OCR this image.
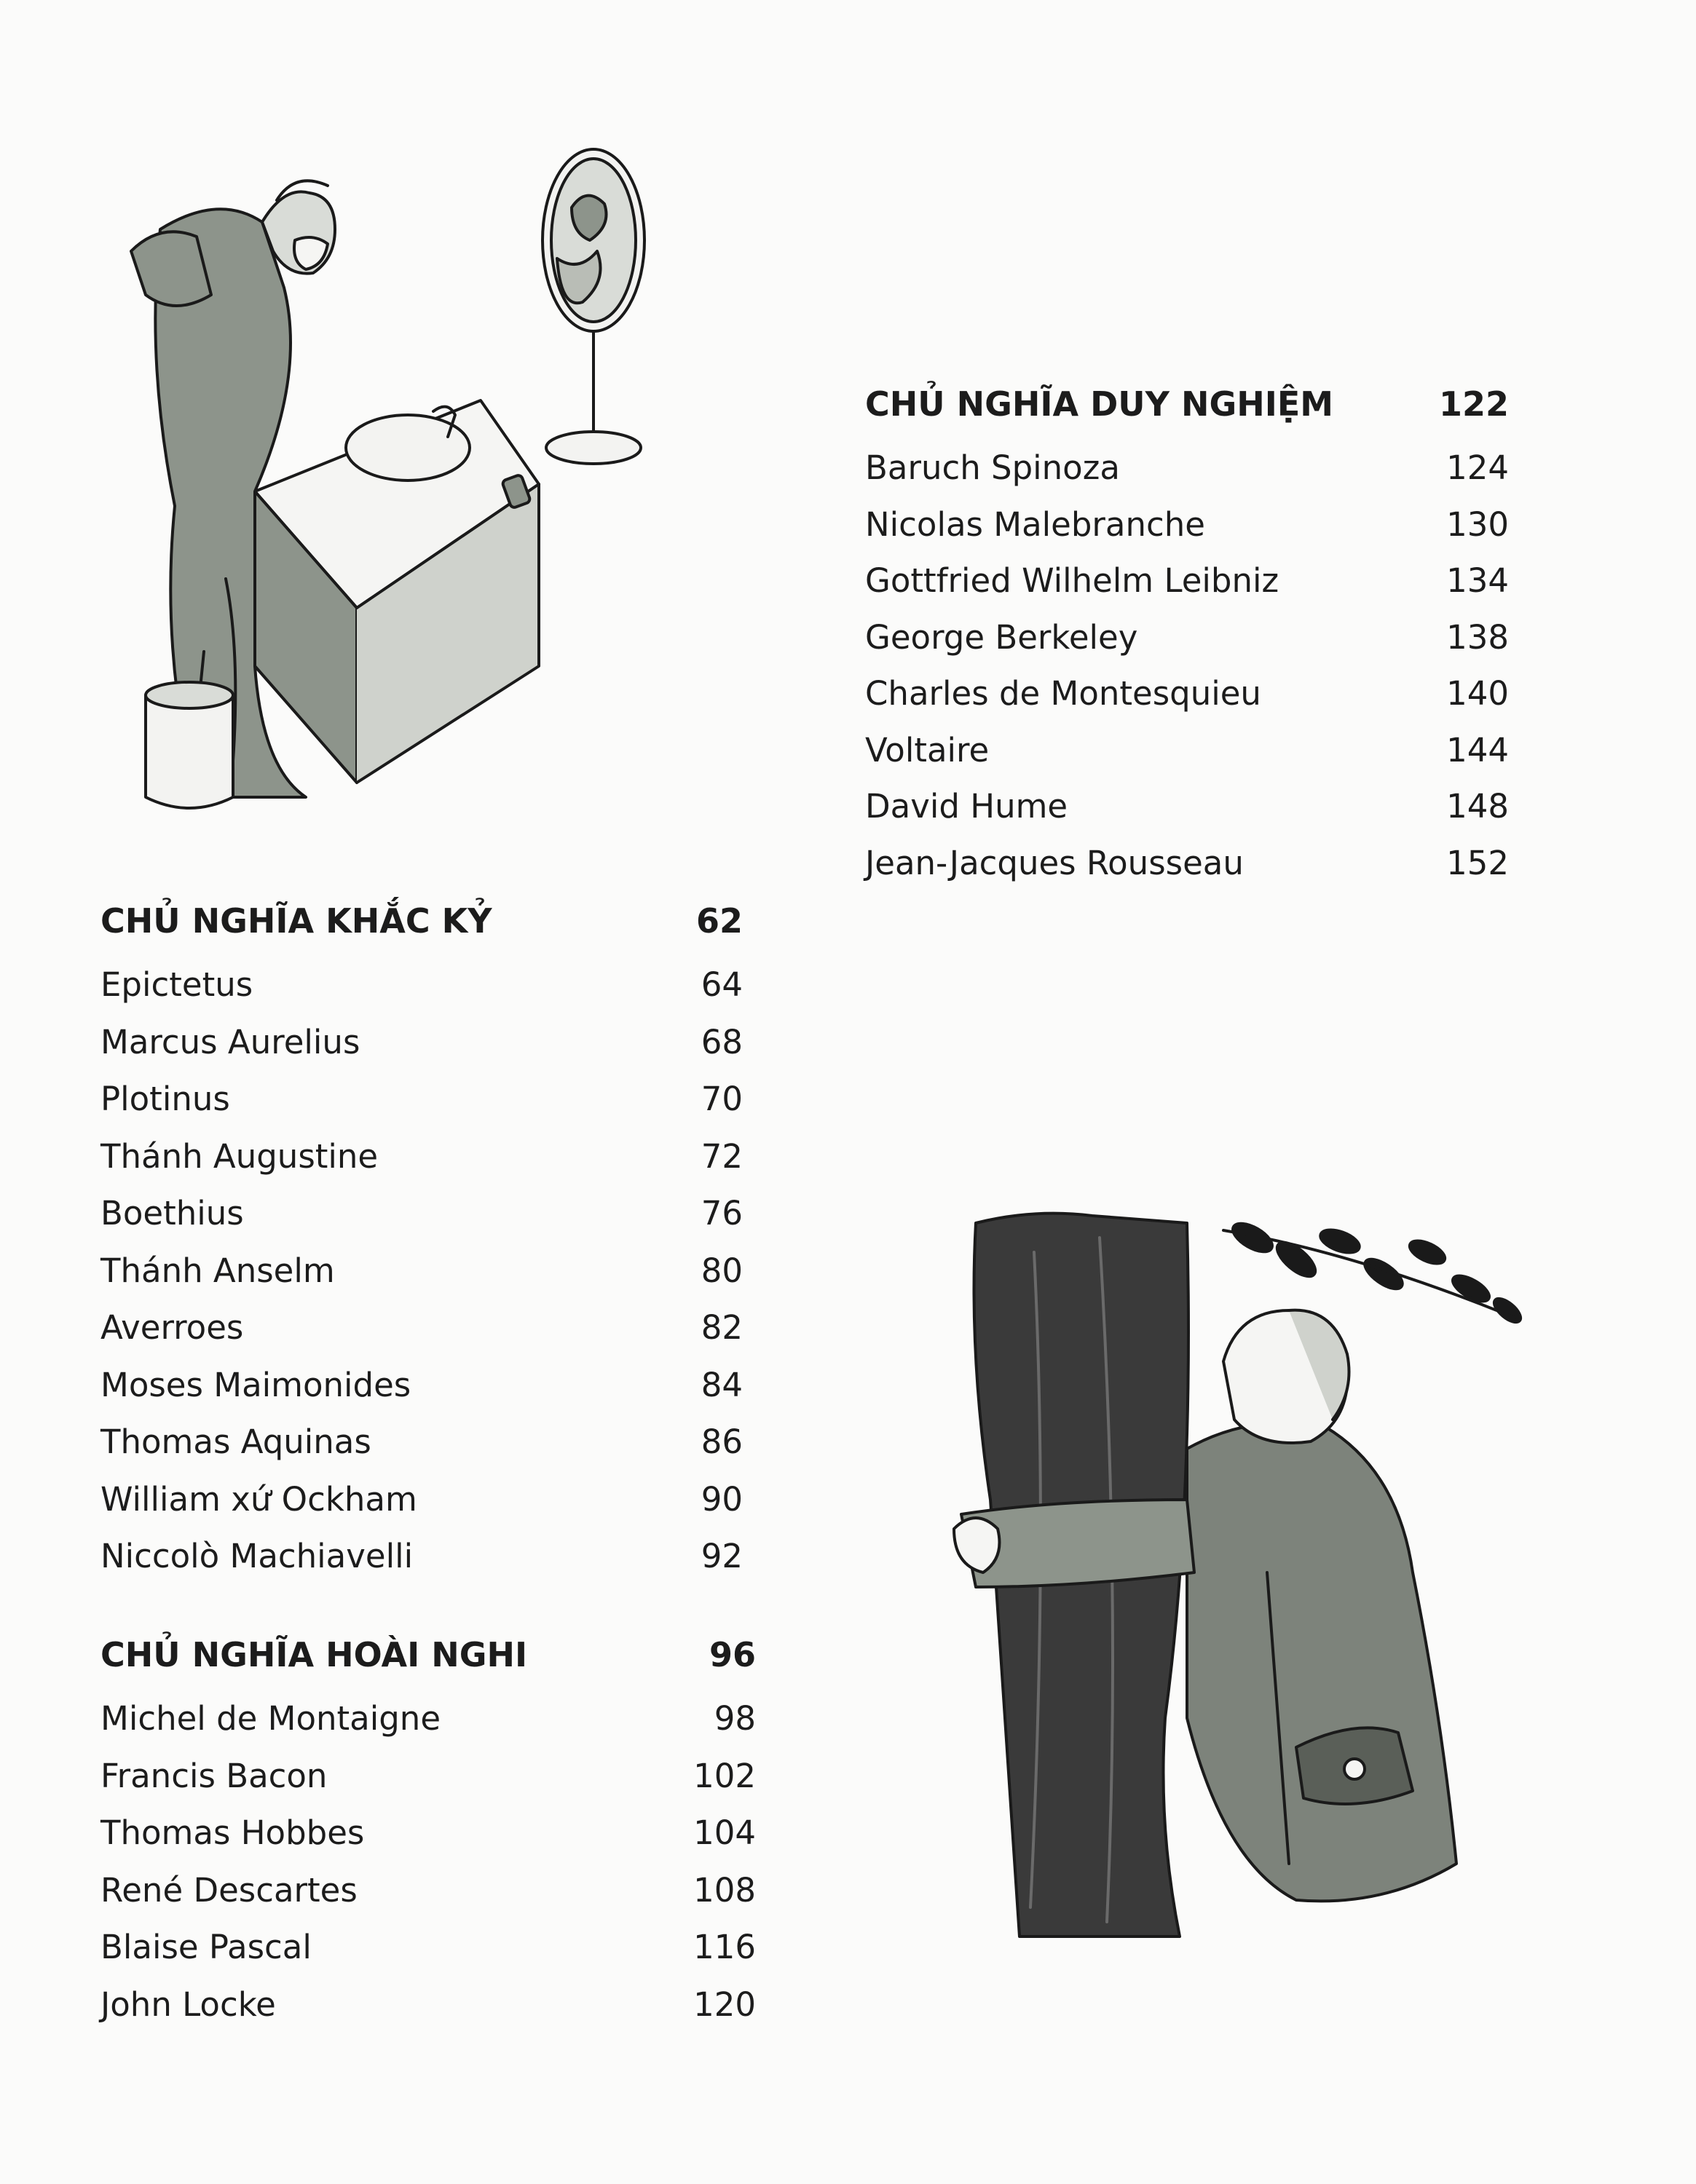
CHỦ NGHĨA DUY NGHIỆM	122
Baruch Spinoza	124
Nicolas Malebranche	130
Gottfried Wilhelm Leibniz	134
George Berkeley	138
Charles de Montesquieu	140
Voltaire	144
David Hume	148
Jean-Jacques Rousseau	152
CHỦ NGHĨA KHẮC KỶ	62
Epictetus	64
Marcus Aurelius	68
Plotinus	70
Thánh Augustine	72
Boethius	76
Thánh Anselm	80
Averroes	82
Moses Maimonides	84
Thomas Aquinas	86
William xứ Ockham	90
Niccolò Machiavelli	92
CHỦ NGHĨA HOÀI NGHI	96
Michel de Montaigne	98
Francis Bacon	102
Thomas Hobbes	104
René Descartes	108
Blaise Pascal	116
John Locke	120
